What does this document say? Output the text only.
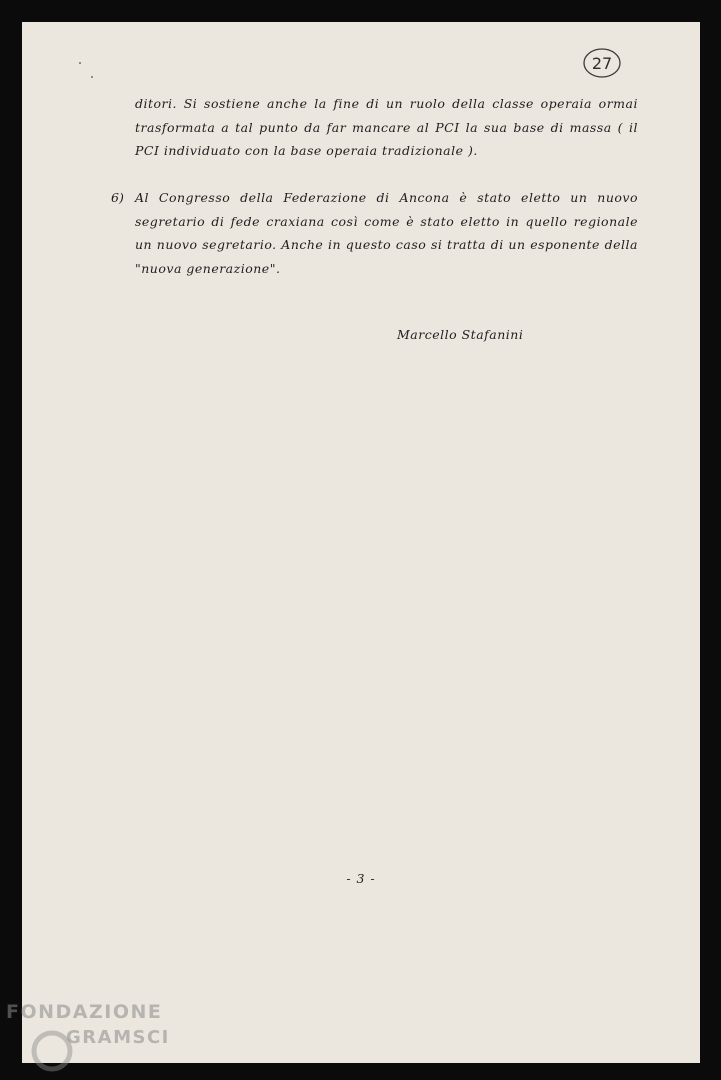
27
ditori. Si sostiene anche la fine di un ruolo della classe operaia ormai trasformata a tal punto da far mancare al PCI la sua base di massa ( il PCI individuato con la base operaia tradizionale ).
6) Al Congresso della Federazione di Ancona è stato eletto un nuovo segretario di fede craxiana così come è stato eletto in quello regionale un nuovo segretario. Anche in questo caso si tratta di un esponente della "nuova generazione".
Marcello Stafanini
- 3 -
FONDAZIONE
GRAMSCI
